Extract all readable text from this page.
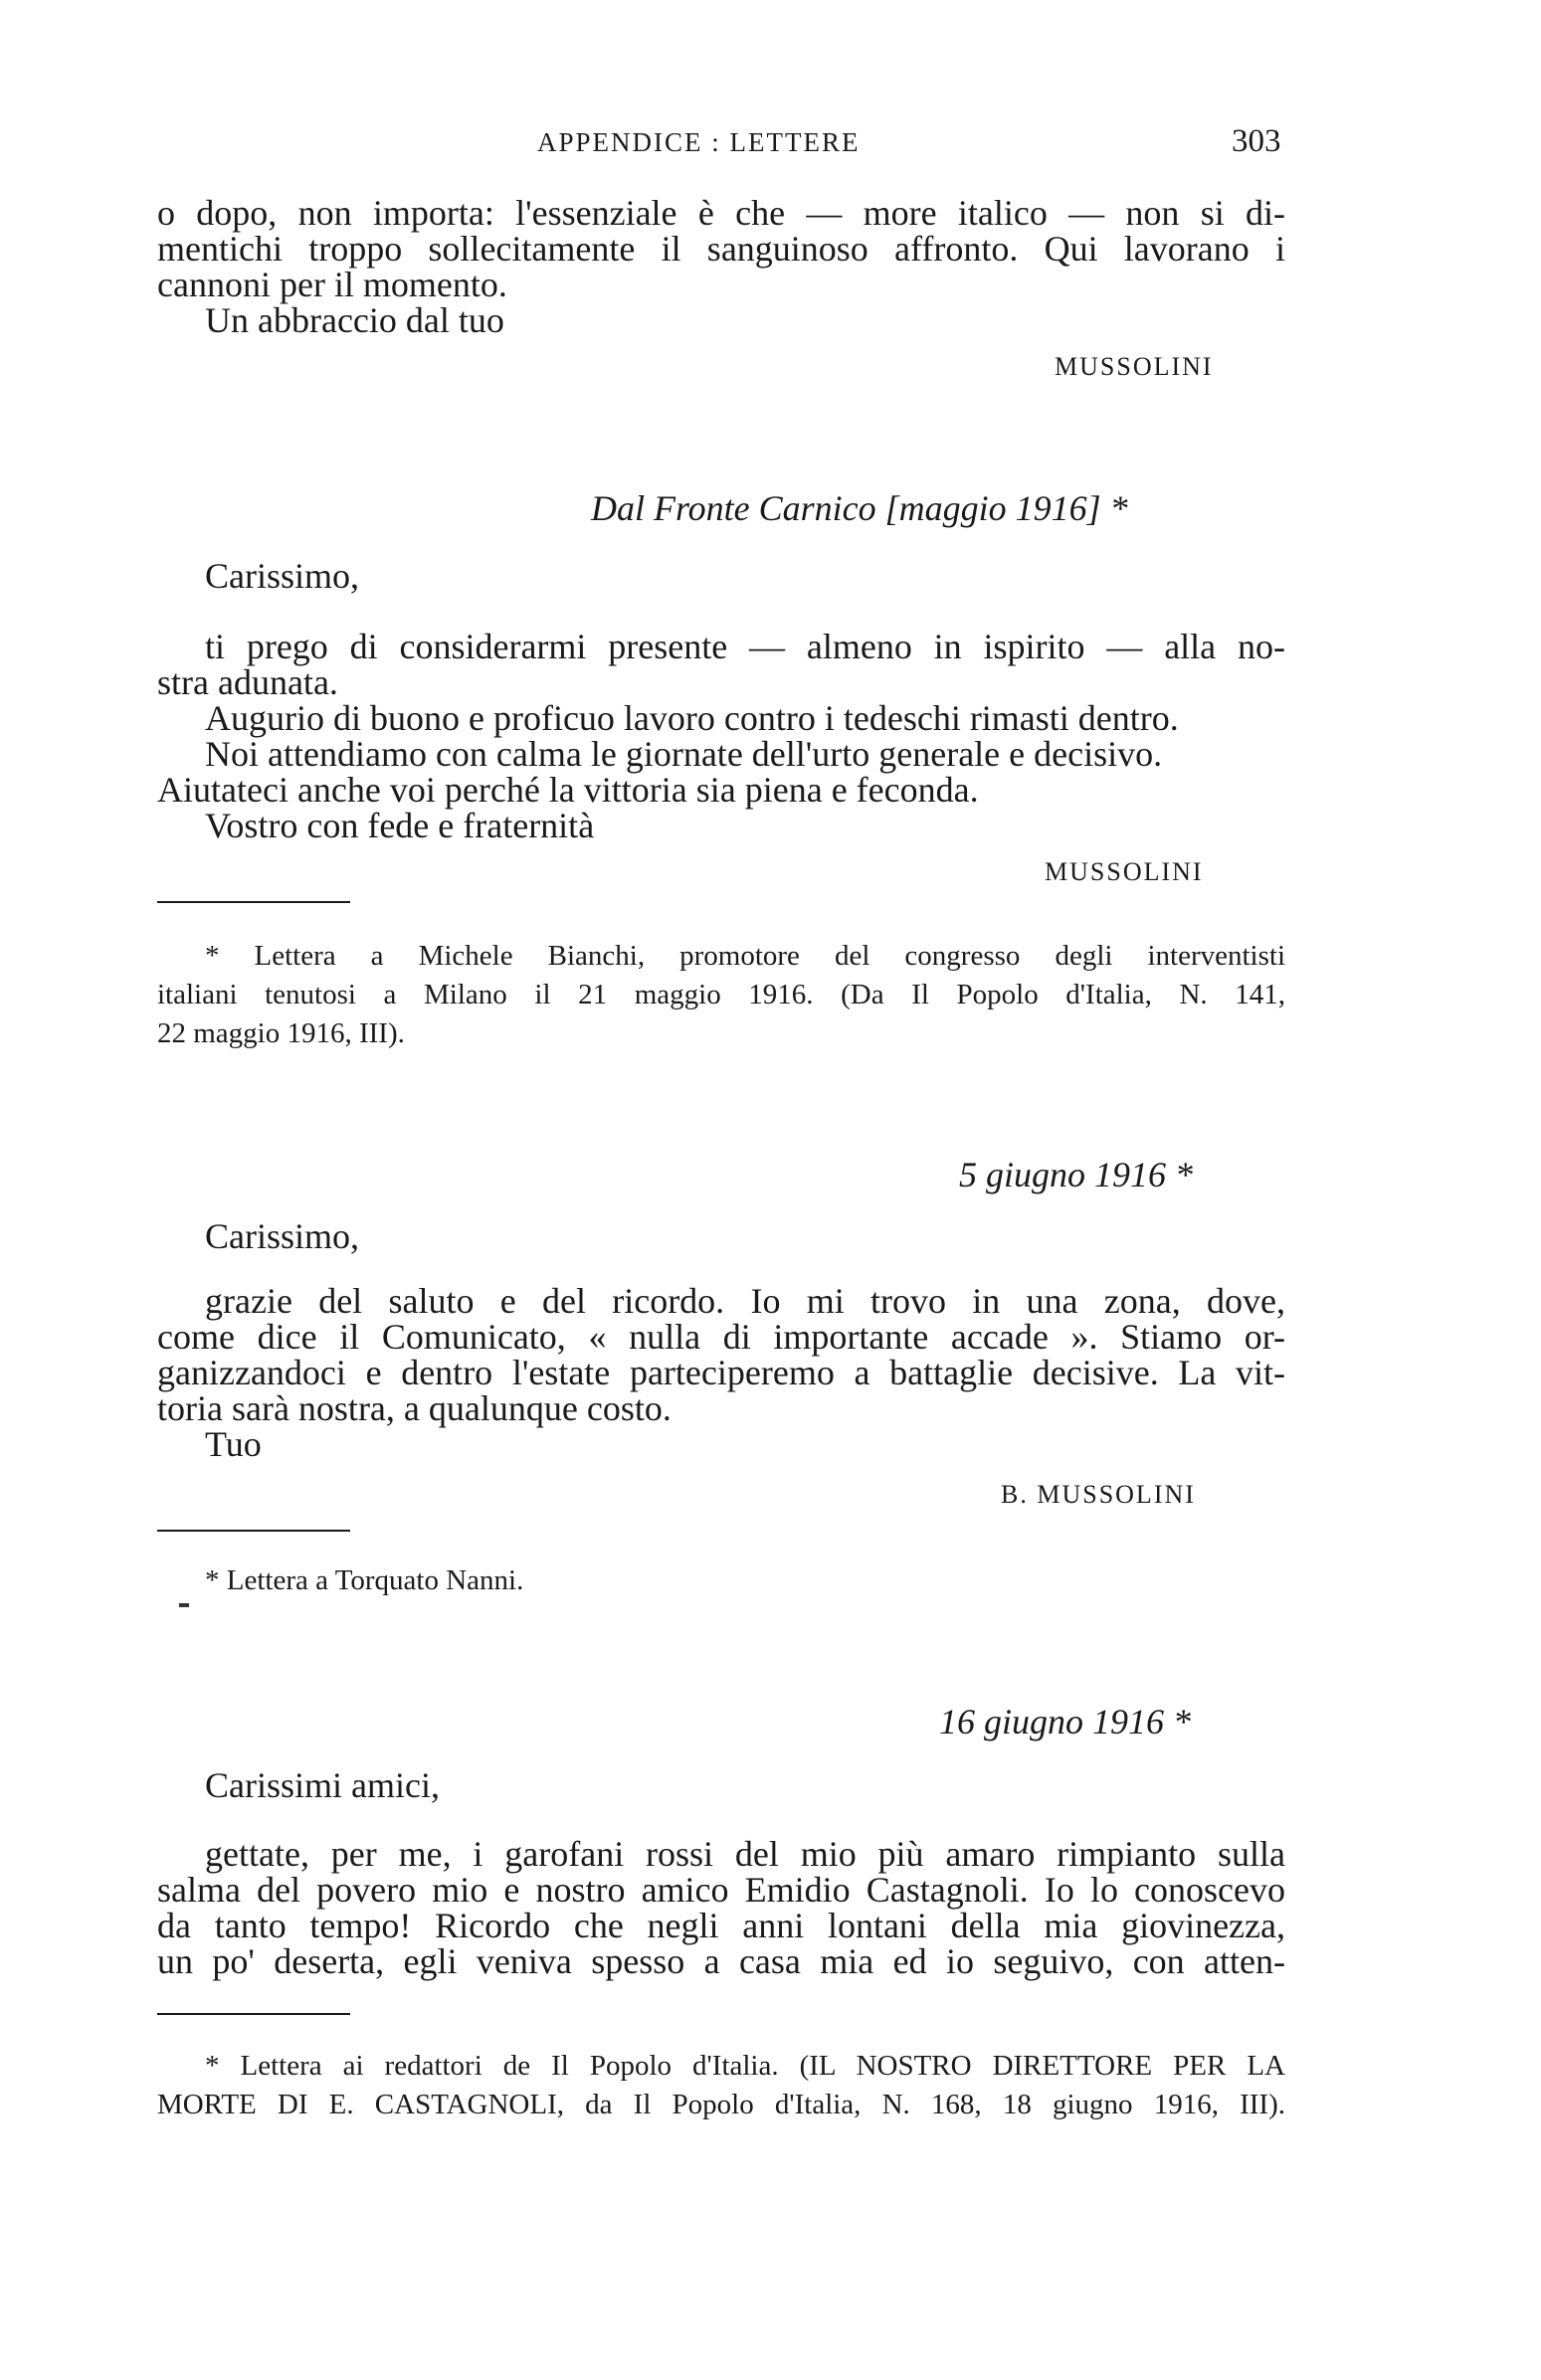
APPENDICE : LETTERE	303
o dopo, non importa: l'essenziale è che — more italico — non si di-
mentichi troppo sollecitamente il sanguinoso affronto. Qui lavorano i
cannoni per il momento.
Un abbraccio dal tuo
MUSSOLINI
Dal Fronte Carnico [maggio 1916] *
Carissimo,
ti prego di considerarmi presente — almeno in ispirito — alla no-
stra adunata.
Augurio di buono e proficuo lavoro contro i tedeschi rimasti dentro.
Noi attendiamo con calma le giornate dell'urto generale e decisivo.
Aiutateci anche voi perché la vittoria sia piena e feconda.
Vostro con fede e fraternità
MUSSOLINI
* Lettera a Michele Bianchi, promotore del congresso degli interventisti
italiani tenutosi a Milano il 21 maggio 1916. (Da Il Popolo d'Italia, N. 141,
22 maggio 1916, III).
5 giugno 1916 *
Carissimo,
grazie del saluto e del ricordo. Io mi trovo in una zona, dove,
come dice il Comunicato, « nulla di importante accade ». Stiamo or-
ganizzandoci e dentro l'estate parteciperemo a battaglie decisive. La vit-
toria sarà nostra, a qualunque costo.
Tuo
B. MUSSOLINI
* Lettera a Torquato Nanni.
16 giugno 1916 *
Carissimi amici,
gettate, per me, i garofani rossi del mio più amaro rimpianto sulla
salma del povero mio e nostro amico Emidio Castagnoli. Io lo conoscevo
da tanto tempo! Ricordo che negli anni lontani della mia giovinezza,
un po' deserta, egli veniva spesso a casa mia ed io seguivo, con atten-
* Lettera ai redattori de Il Popolo d'Italia. (IL NOSTRO DIRETTORE PER LA
MORTE DI E. CASTAGNOLI, da Il Popolo d'Italia, N. 168, 18 giugno 1916, III).
